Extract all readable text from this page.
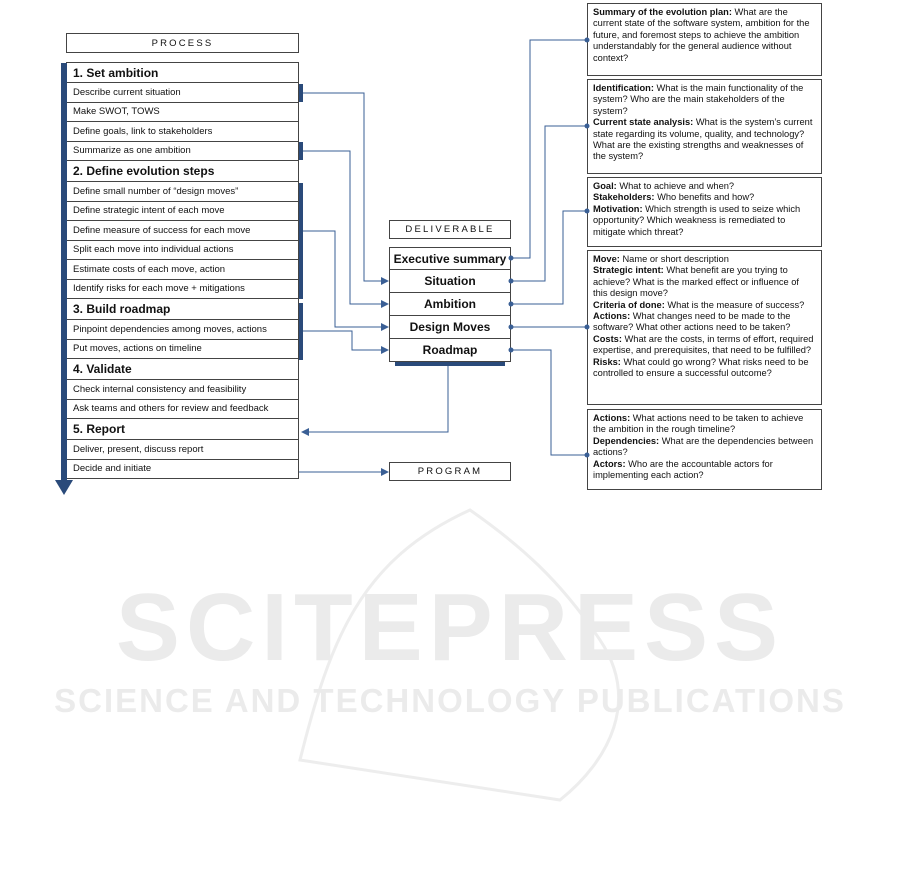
SCITEPRESS
SCIENCE AND TECHNOLOGY PUBLICATIONS
PROCESS
1. Set ambition
Describe current situation
Make SWOT, TOWS
Define goals, link to stakeholders
Summarize as one ambition
2. Define evolution steps
Define small number of “design moves”
Define strategic intent of each move
Define measure of success for each move
Split each move into individual actions
Estimate costs of each move, action
Identify risks for each move + mitigations
3. Build roadmap
Pinpoint dependencies among moves, actions
Put moves, actions on timeline
4. Validate
Check internal consistency and feasibility
Ask teams and others for review and feedback
5. Report
Deliver, present, discuss report
Decide and initiate
DELIVERABLE
Executive summary
Situation
Ambition
Design Moves
Roadmap
PROGRAM

Summary of the evolution plan: What are the current state of the software system, ambition for the future, and foremost steps to achieve the ambition understandably for the general audience without context?

Identification: What is the main functionality of the system? Who are the main stakeholders of the system?

Current state analysis: What is the system’s current state regarding its volume, quality, and technology? What are the existing strengths and weaknesses of the system?

Goal: What to achieve and when?

Stakeholders: Who benefits and how?

Motivation: Which strength is used to seize which opportunity? Which weakness is remediated to mitigate which threat?

Move: Name or short description

Strategic intent: What benefit are you trying to achieve? What is the marked effect or influence of this design move?

Criteria of done: What is the measure of success?

Actions: What changes need to be made to the software? What other actions need to be taken?

Costs: What are the costs, in terms of effort, required expertise, and prerequisites, that need to be fulfilled?

Risks: What could go wrong? What risks need to be controlled to ensure a successful outcome?

Actions: What actions need to be taken to achieve the ambition in the rough timeline?

Dependencies: What are the dependencies between actions?

Actors: Who are the accountable actors for implementing each action?
